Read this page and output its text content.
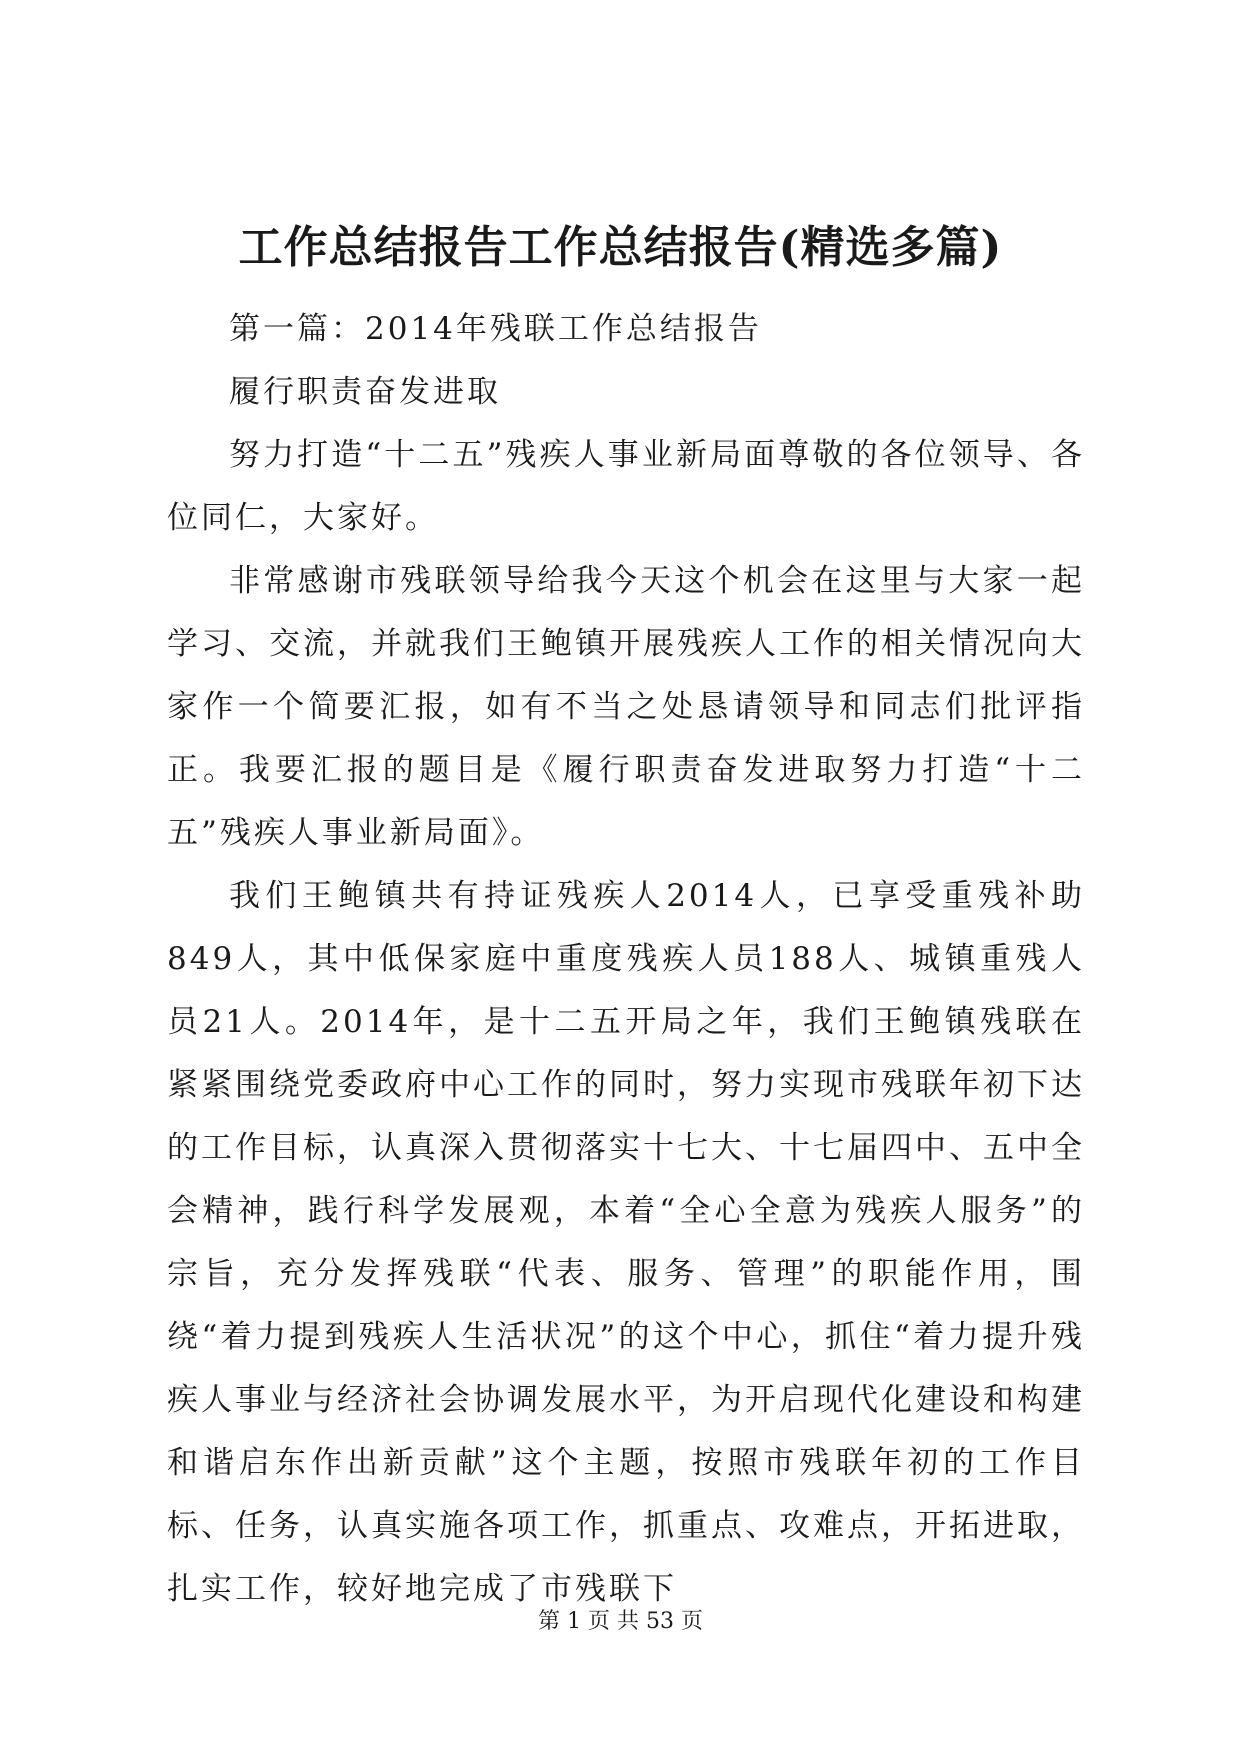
工作总结报告工作总结报告(精选多篇)

第一篇：2014年残联工作总结报告

履行职责奋发进取

努力打造“十二五”残疾人事业新局面尊敬的各位领导、各位同仁，大家好。

非常感谢市残联领导给我今天这个机会在这里与大家一起学习、交流，并就我们王鲍镇开展残疾人工作的相关情况向大家作一个简要汇报，如有不当之处恳请领导和同志们批评指正。我要汇报的题目是《履行职责奋发进取努力打造“十二五”残疾人事业新局面》。

我们王鲍镇共有持证残疾人2014人，已享受重残补助849人，其中低保家庭中重度残疾人员188人、城镇重残人员21人。2014年，是十二五开局之年，我们王鲍镇残联在紧紧围绕党委政府中心工作的同时，努力实现市残联年初下达的工作目标，认真深入贯彻落实十七大、十七届四中、五中全会精神，践行科学发展观，本着“全心全意为残疾人服务”的宗旨，充分发挥残联“代表、服务、管理”的职能作用，围绕“着力提到残疾人生活状况”的这个中心，抓住“着力提升残疾人事业与经济社会协调发展水平，为开启现代化建设和构建和谐启东作出新贡献”这个主题，按照市残联年初的工作目标、任务，认真实施各项工作，抓重点、攻难点，开拓进取，扎实工作，较好地完成了市残联下

第 1 页 共 53 页
